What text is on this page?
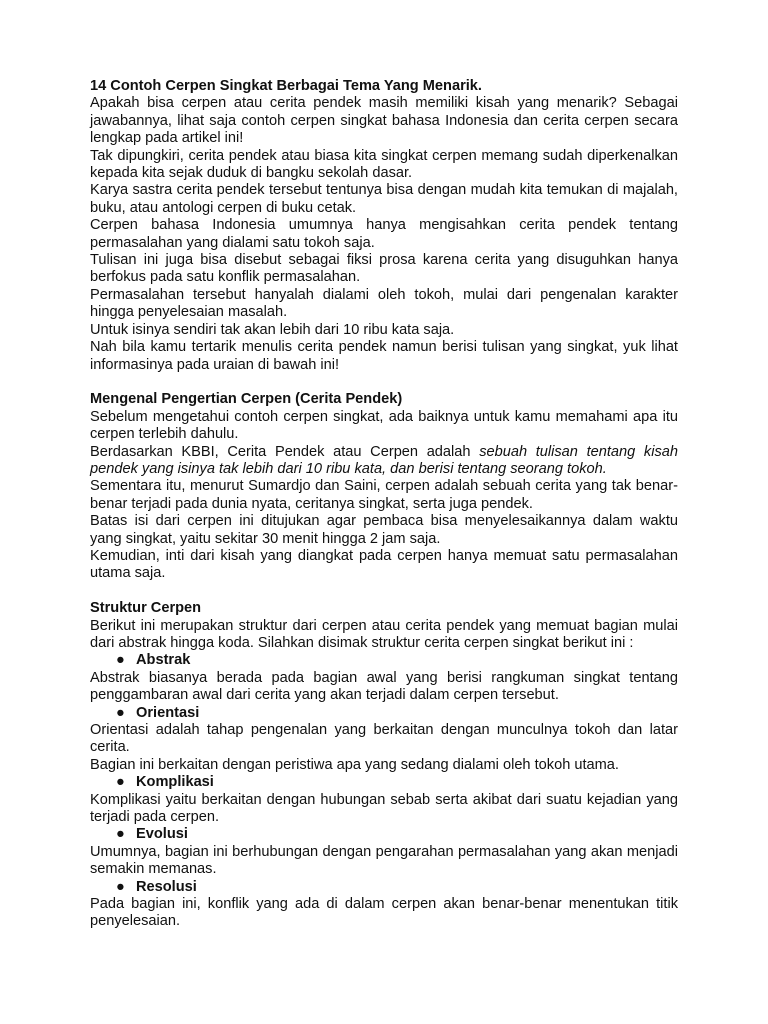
14 Contoh Cerpen Singkat Berbagai Tema Yang Menarik.

Apakah bisa cerpen atau cerita pendek masih memiliki kisah yang menarik? Sebagai jawabannya, lihat saja contoh cerpen singkat bahasa Indonesia dan cerita cerpen secara lengkap pada artikel ini!

Tak dipungkiri, cerita pendek atau biasa kita singkat cerpen memang sudah diperkenalkan kepada kita sejak duduk di bangku sekolah dasar.

Karya sastra cerita pendek tersebut tentunya bisa dengan mudah kita temukan di majalah, buku, atau antologi cerpen di buku cetak.

Cerpen bahasa Indonesia umumnya hanya mengisahkan cerita pendek tentang permasalahan yang dialami satu tokoh saja.

Tulisan ini juga bisa disebut sebagai fiksi prosa karena cerita yang disuguhkan hanya berfokus pada satu konflik permasalahan.

Permasalahan tersebut hanyalah dialami oleh tokoh, mulai dari pengenalan karakter hingga penyelesaian masalah.

Untuk isinya sendiri tak akan lebih dari 10 ribu kata saja.

Nah bila kamu tertarik menulis cerita pendek namun berisi tulisan yang singkat, yuk lihat informasinya pada uraian di bawah ini!

Mengenal Pengertian Cerpen (Cerita Pendek)

Sebelum mengetahui contoh cerpen singkat, ada baiknya untuk kamu memahami apa itu cerpen terlebih dahulu.

Berdasarkan KBBI, Cerita Pendek atau Cerpen adalah sebuah tulisan tentang kisah pendek yang isinya tak lebih dari 10 ribu kata, dan berisi tentang seorang tokoh.

Sementara itu, menurut Sumardjo dan Saini, cerpen adalah sebuah cerita yang tak benar-benar terjadi pada dunia nyata, ceritanya singkat, serta juga pendek.

Batas isi dari cerpen ini ditujukan agar pembaca bisa menyelesaikannya dalam waktu yang singkat, yaitu sekitar 30 menit hingga 2 jam saja.

Kemudian, inti dari kisah yang diangkat pada cerpen hanya memuat satu permasalahan utama saja.

Struktur Cerpen

Berikut ini merupakan struktur dari cerpen atau cerita pendek yang memuat bagian mulai dari abstrak hingga koda. Silahkan disimak struktur cerita cerpen singkat berikut ini :

● Abstrak

Abstrak biasanya berada pada bagian awal yang berisi rangkuman singkat tentang penggambaran awal dari cerita yang akan terjadi dalam cerpen tersebut.

● Orientasi

Orientasi adalah tahap pengenalan yang berkaitan dengan munculnya tokoh dan latar cerita.

Bagian ini berkaitan dengan peristiwa apa yang sedang dialami oleh tokoh utama.

● Komplikasi

Komplikasi yaitu berkaitan dengan hubungan sebab serta akibat dari suatu kejadian yang terjadi pada cerpen.

● Evolusi

Umumnya, bagian ini berhubungan dengan pengarahan permasalahan yang akan menjadi semakin memanas.

● Resolusi

Pada bagian ini, konflik yang ada di dalam cerpen akan benar-benar menentukan titik penyelesaian.
